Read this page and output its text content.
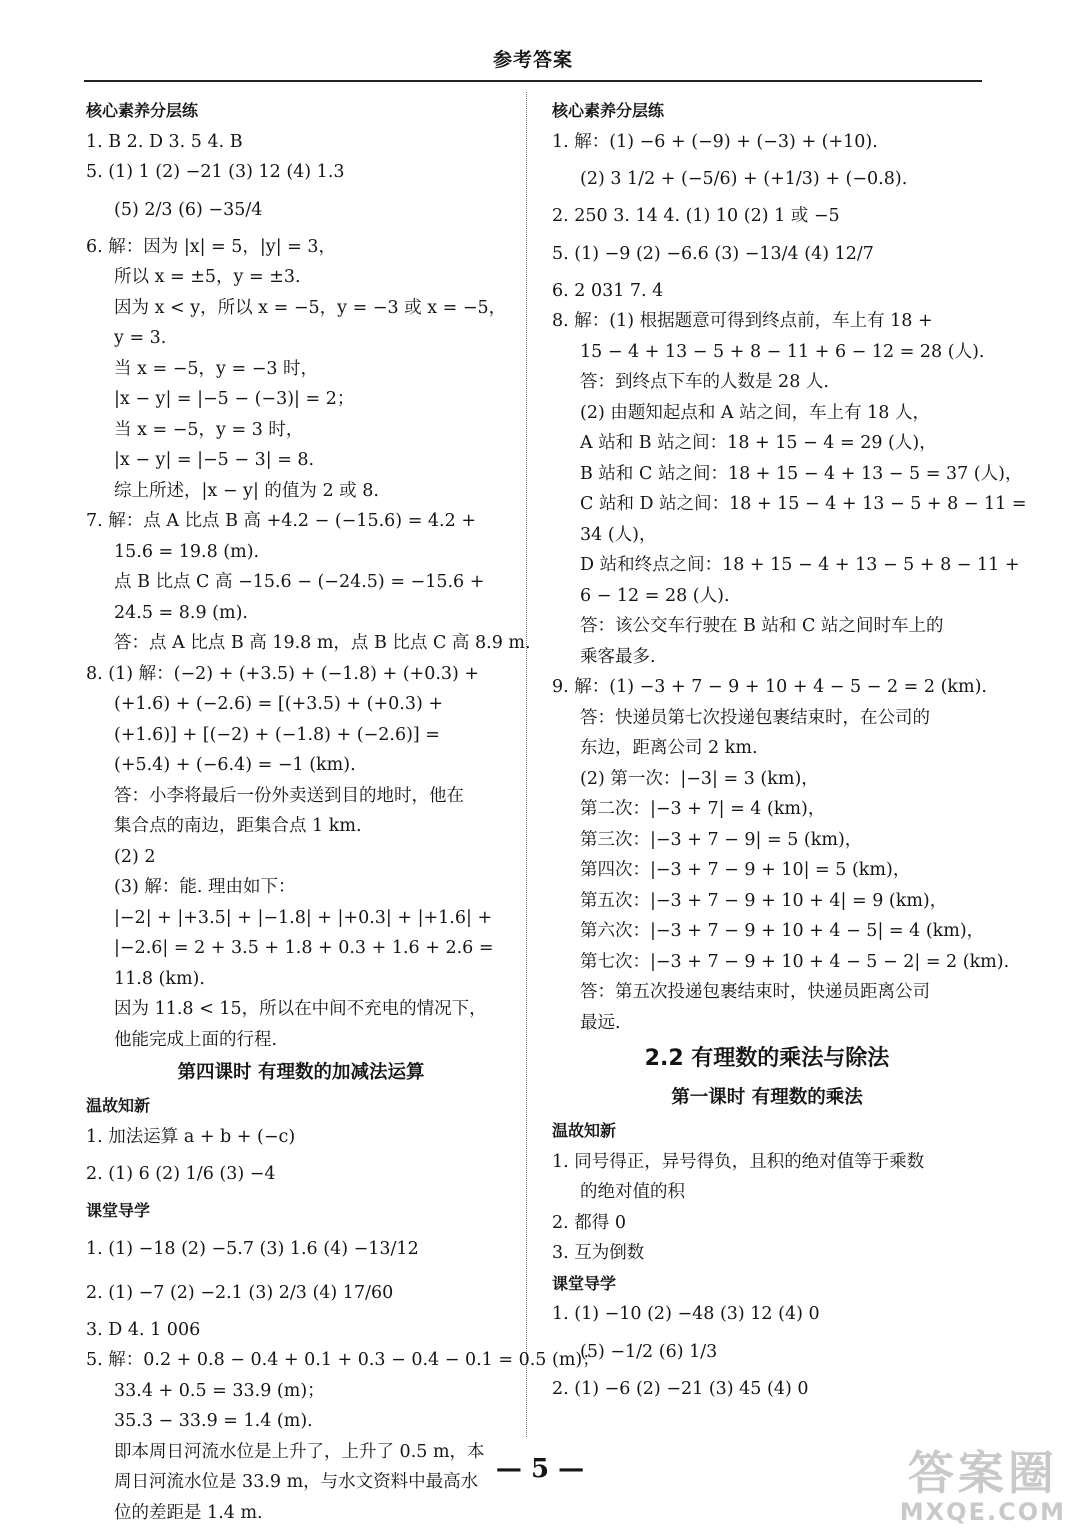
参考答案
核心素养分层练
1. B 2. D 3. 5 4. B
5. (1) 1 (2) −21 (3) 12 (4) 1.3
(5) 2/3 (6) −35/4
6. 解：因为 |x| = 5，|y| = 3，
所以 x = ±5，y = ±3.
因为 x < y，所以 x = −5，y = −3 或 x = −5，
y = 3.
当 x = −5，y = −3 时，
|x − y| = |−5 − (−3)| = 2；
当 x = −5，y = 3 时，
|x − y| = |−5 − 3| = 8.
综上所述，|x − y| 的值为 2 或 8.
7. 解：点 A 比点 B 高 +4.2 − (−15.6) = 4.2 +
15.6 = 19.8 (m).
点 B 比点 C 高 −15.6 − (−24.5) = −15.6 +
24.5 = 8.9 (m).
答：点 A 比点 B 高 19.8 m，点 B 比点 C 高 8.9 m.
8. (1) 解：(−2) + (+3.5) + (−1.8) + (+0.3) +
(+1.6) + (−2.6) = [(+3.5) + (+0.3) +
(+1.6)] + [(−2) + (−1.8) + (−2.6)] =
(+5.4) + (−6.4) = −1 (km).
答：小李将最后一份外卖送到目的地时，他在
集合点的南边，距集合点 1 km.
(2) 2
(3) 解：能. 理由如下：
|−2| + |+3.5| + |−1.8| + |+0.3| + |+1.6| +
|−2.6| = 2 + 3.5 + 1.8 + 0.3 + 1.6 + 2.6 =
11.8 (km).
因为 11.8 < 15，所以在中间不充电的情况下，
他能完成上面的行程.
第四课时 有理数的加减法运算
温故知新
1. 加法运算 a + b + (−c)
2. (1) 6 (2) 1/6 (3) −4
课堂导学
1. (1) −18 (2) −5.7 (3) 1.6 (4) −13/12
2. (1) −7 (2) −2.1 (3) 2/3 (4) 17/60
3. D 4. 1 006
5. 解：0.2 + 0.8 − 0.4 + 0.1 + 0.3 − 0.4 − 0.1 = 0.5 (m)；
33.4 + 0.5 = 33.9 (m)；
35.3 − 33.9 = 1.4 (m).
即本周日河流水位是上升了，上升了 0.5 m，本
周日河流水位是 33.9 m，与水文资料中最高水
位的差距是 1.4 m.
核心素养分层练
1. 解：(1) −6 + (−9) + (−3) + (+10).
(2) 3 1/2 + (−5/6) + (+1/3) + (−0.8).
2. 250 3. 14 4. (1) 10 (2) 1 或 −5
5. (1) −9 (2) −6.6 (3) −13/4 (4) 12/7
6. 2 031 7. 4
8. 解：(1) 根据题意可得到终点前，车上有 18 +
15 − 4 + 13 − 5 + 8 − 11 + 6 − 12 = 28 (人).
答：到终点下车的人数是 28 人.
(2) 由题知起点和 A 站之间，车上有 18 人，
A 站和 B 站之间：18 + 15 − 4 = 29 (人)，
B 站和 C 站之间：18 + 15 − 4 + 13 − 5 = 37 (人)，
C 站和 D 站之间：18 + 15 − 4 + 13 − 5 + 8 − 11 =
34 (人)，
D 站和终点之间：18 + 15 − 4 + 13 − 5 + 8 − 11 +
6 − 12 = 28 (人).
答：该公交车行驶在 B 站和 C 站之间时车上的
乘客最多.
9. 解：(1) −3 + 7 − 9 + 10 + 4 − 5 − 2 = 2 (km).
答：快递员第七次投递包裹结束时，在公司的
东边，距离公司 2 km.
(2) 第一次：|−3| = 3 (km)，
第二次：|−3 + 7| = 4 (km)，
第三次：|−3 + 7 − 9| = 5 (km)，
第四次：|−3 + 7 − 9 + 10| = 5 (km)，
第五次：|−3 + 7 − 9 + 10 + 4| = 9 (km)，
第六次：|−3 + 7 − 9 + 10 + 4 − 5| = 4 (km)，
第七次：|−3 + 7 − 9 + 10 + 4 − 5 − 2| = 2 (km).
答：第五次投递包裹结束时，快递员距离公司
最远.
2.2 有理数的乘法与除法
第一课时 有理数的乘法
温故知新
1. 同号得正，异号得负，且积的绝对值等于乘数
的绝对值的积
2. 都得 0
3. 互为倒数
课堂导学
1. (1) −10 (2) −48 (3) 12 (4) 0
(5) −1/2 (6) 1/3
2. (1) −6 (2) −21 (3) 45 (4) 0
— 5 —	答案圈
MXQE.COM
